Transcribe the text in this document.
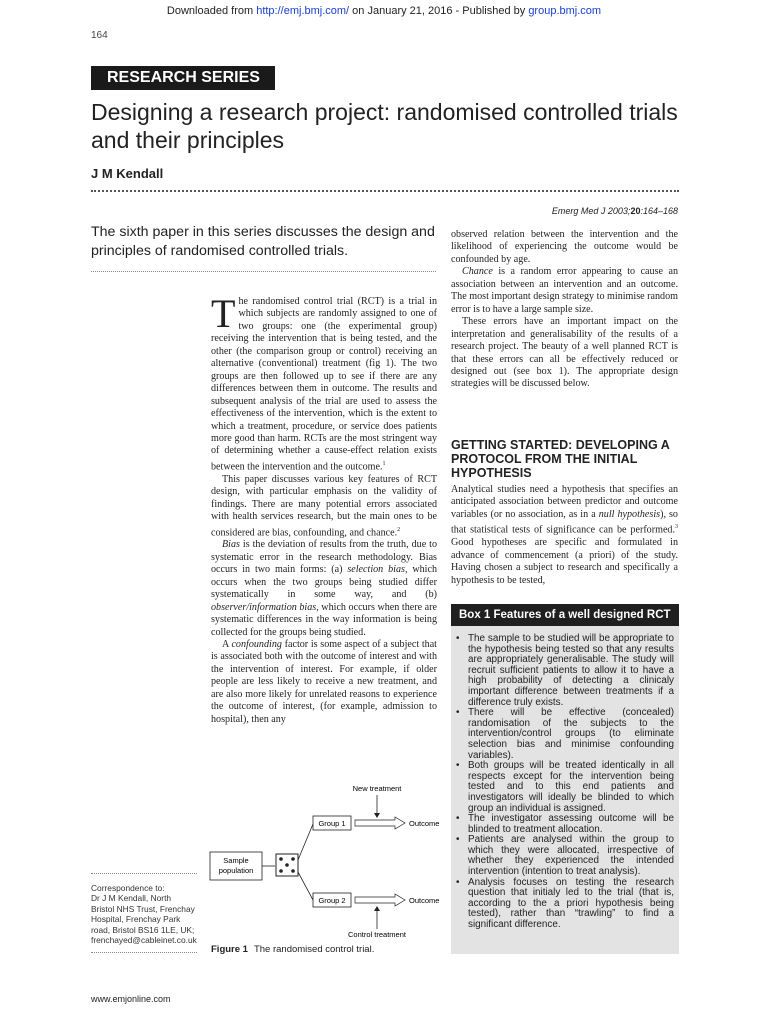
Downloaded from http://emj.bmj.com/ on January 21, 2016 - Published by group.bmj.com
164
RESEARCH SERIES
Designing a research project: randomised controlled trials and their principles
J M Kendall
Emerg Med J 2003;20:164–168
The sixth paper in this series discusses the design and principles of randomised controlled trials.

The randomised control trial (RCT) is a trial in which subjects are randomly assigned to one of two groups: one (the experimental group) receiving the intervention that is being tested, and the other (the comparison group or control) receiving an alternative (conventional) treatment (fig 1). The two groups are then followed up to see if there are any differences between them in outcome. The results and subsequent analysis of the trial are used to assess the effectiveness of the intervention, which is the extent to which a treatment, procedure, or service does patients more good than harm. RCTs are the most stringent way of determining whether a cause-effect relation exists between the intervention and the outcome.$^1$

This paper discusses various key features of RCT design, with particular emphasis on the validity of findings. There are many potential errors associated with health services research, but the main ones to be considered are bias, confounding, and chance.$^2$

Bias is the deviation of results from the truth, due to systematic error in the research methodology. Bias occurs in two main forms: (a) selection bias, which occurs when the two groups being studied differ systematically in some way, and (b) observer/information bias, which occurs when there are systematic differences in the way information is being collected for the groups being studied.

A confounding factor is some aspect of a subject that is associated both with the outcome of interest and with the intervention of interest. For example, if older people are less likely to receive a new treatment, and are also more likely for unrelated reasons to experience the outcome of interest, (for example, admission to hospital), then any

observed relation between the intervention and the likelihood of experiencing the outcome would be confounded by age.

Chance is a random error appearing to cause an association between an intervention and an outcome. The most important design strategy to minimise random error is to have a large sample size.

These errors have an important impact on the interpretation and generalisability of the results of a research project. The beauty of a well planned RCT is that these errors can all be effectively reduced or designed out (see box 1). The appropriate design strategies will be discussed below.

GETTING STARTED: DEVELOPING A PROTOCOL FROM THE INITIAL HYPOTHESIS

Analytical studies need a hypothesis that specifies an anticipated association between predictor and outcome variables (or no association, as in a null hypothesis), so that statistical tests of significance can be performed.$^3$ Good hypotheses are specific and formulated in advance of commencement (a priori) of the study. Having chosen a subject to research and specifically a hypothesis to be tested,

Box 1 Features of a well designed RCT
• The sample to be studied will be appropriate to the hypothesis being tested so that any results are appropriately generalisable. The study will recruit sufficient patients to allow it to have a high probability of detecting a clinicaly important difference between treatments if a difference truly exists.
• There will be effective (concealed) randomisation of the subjects to the intervention/control groups (to eliminate selection bias and minimise confounding variables).
• Both groups will be treated identically in all respects except for the intervention being tested and to this end patients and investigators will ideally be blinded to which group an individual is assigned.
• The investigator assessing outcome will be blinded to treatment allocation.
• Patients are analysed within the group to which they were allocated, irrespective of whether they experienced the intended intervention (intention to treat analysis).
• Analysis focuses on testing the research question that initialy led to the trial (that is, according to the a priori hypothesis being tested), rather than “trawling” to find a significant difference.
New treatment
Group 1	Outcome
Sample
population
Group 2	Outcome
Control treatment
Figure 1 The randomised control trial.
Correspondence to:
Dr J M Kendall, North
Bristol NHS Trust, Frenchay
Hospital, Frenchay Park
road, Bristol BS16 1LE, UK;
frenchayed@cableinet.co.uk
www.emjonline.com
